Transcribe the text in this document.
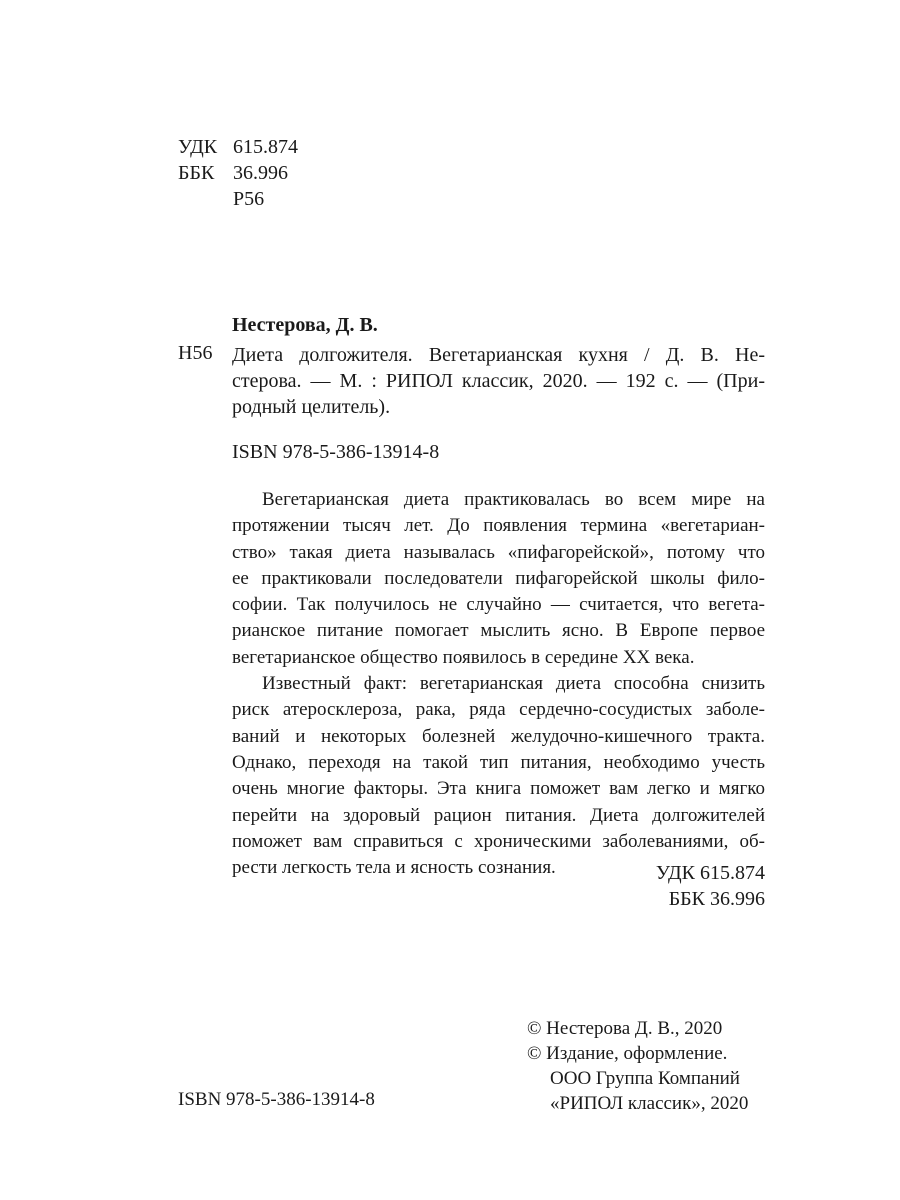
УДК 615.874
ББК 36.996
Р56
Нестерова, Д. В.
Н56 Диета долгожителя. Вегетарианская кухня / Д. В. Не-
стерова. — М. : РИПОЛ классик, 2020. — 192 с. — (При-
родный целитель).
ISBN 978-5-386-13914-8
Вегетарианская диета практиковалась во всем мире на
протяжении тысяч лет. До появления термина «вегетариан-
ство» такая диета называлась «пифагорейской», потому что
ее практиковали последователи пифагорейской школы фило-
софии. Так получилось не случайно — считается, что вегета-
рианское питание помогает мыслить ясно. В Европе первое
вегетарианское общество появилось в середине XX века.
Известный факт: вегетарианская диета способна снизить
риск атеросклероза, рака, ряда сердечно-сосудистых заболе-
ваний и некоторых болезней желудочно-кишечного тракта.
Однако, переходя на такой тип питания, необходимо учесть
очень многие факторы. Эта книга поможет вам легко и мягко
перейти на здоровый рацион питания. Диета долгожителей
поможет вам справиться с хроническими заболеваниями, об-
рести легкость тела и ясность сознания.	УДК 615.874
ББК 36.996
© Нестерова Д. В., 2020
© Издание, оформление.
ООО Группа Компаний
«РИПОЛ классик», 2020
ISBN 978-5-386-13914-8
